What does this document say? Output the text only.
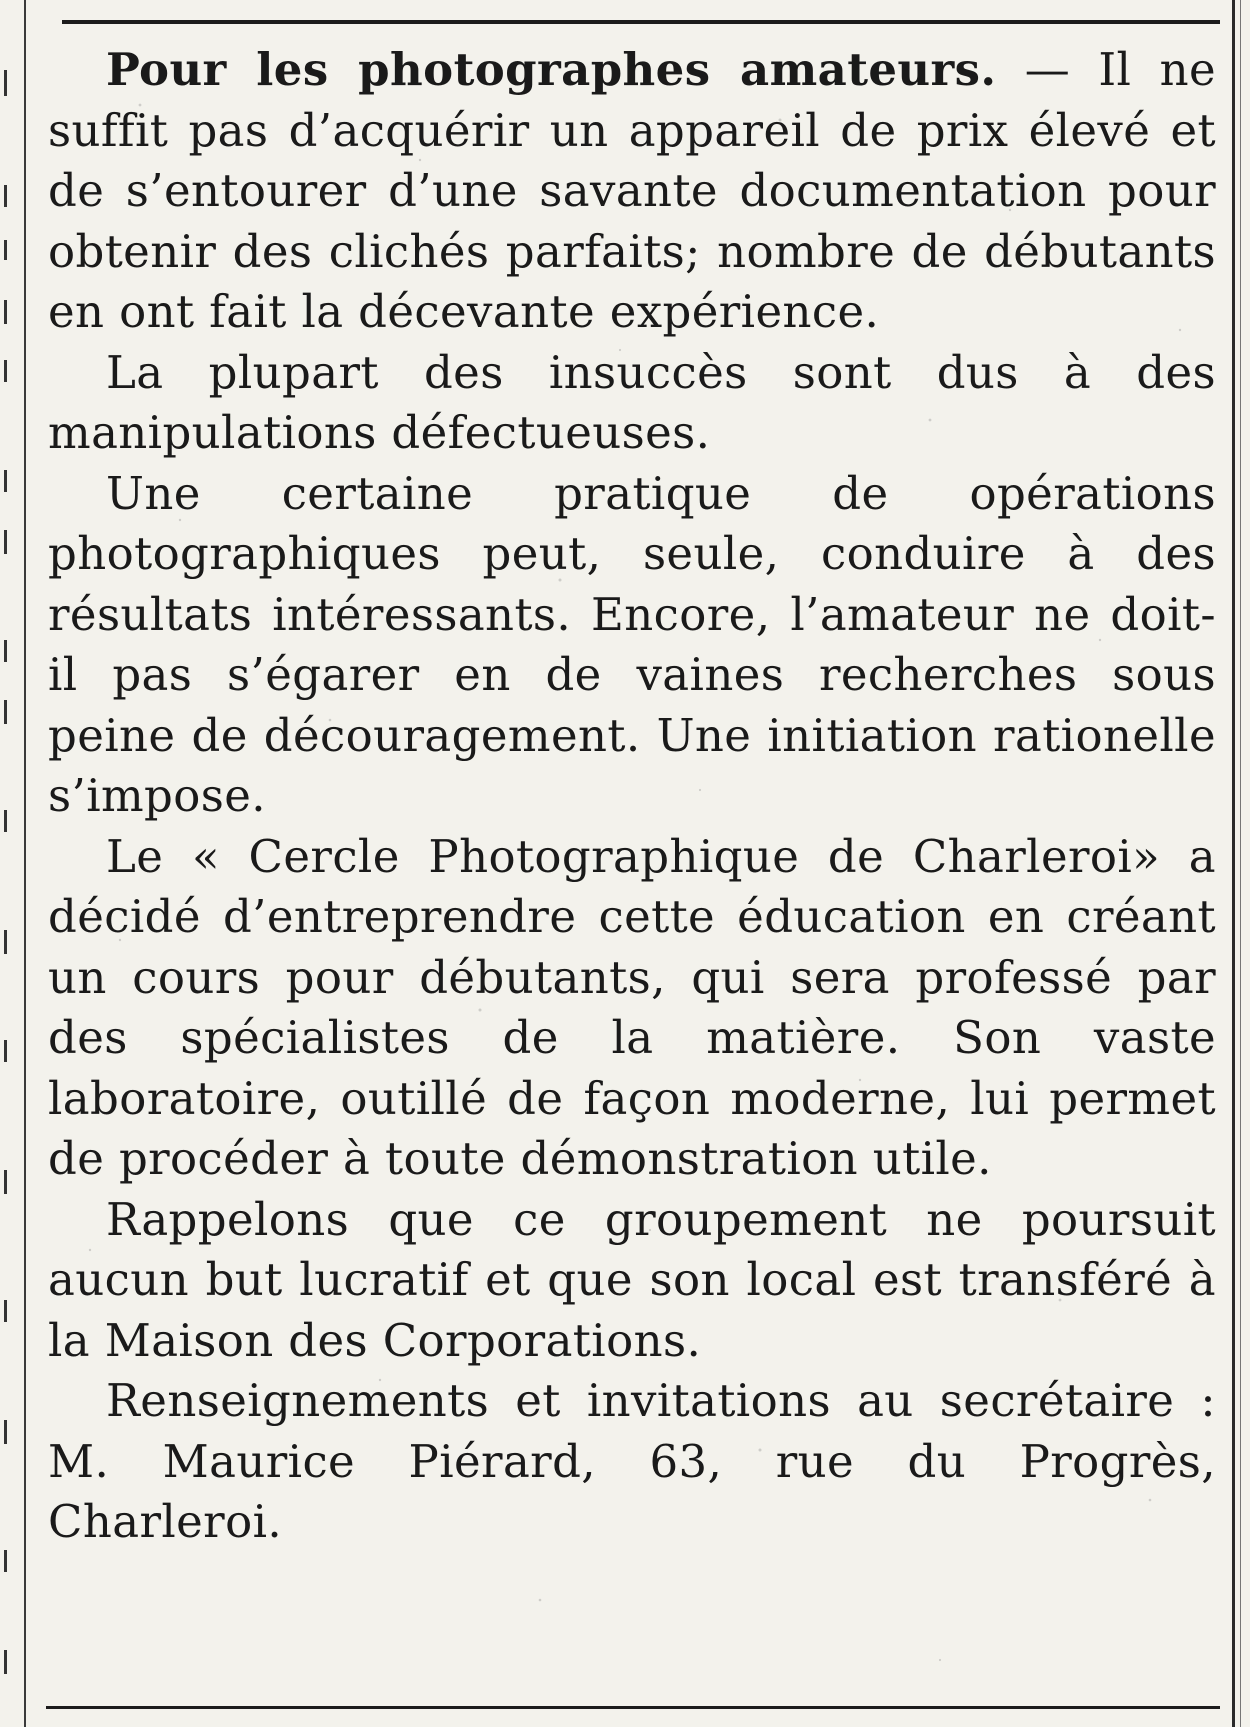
Pour les photographes amateurs. — Il ne suffit pas d’acquérir un appareil de prix élevé et de s’entourer d’une savante documentation pour obtenir des clichés parfaits; nombre de débutants en ont fait la décevante expérience.

La plupart des insuccès sont dus à des manipulations défectueuses.

Une certaine pratique de opérations photographiques peut, seule, conduire à des résultats intéressants. Encore, l’amateur ne doit-il pas s’égarer en de vaines recherches sous peine de découragement. Une initiation rationelle s’impose.

Le « Cercle Photographique de Charleroi» a décidé d’entreprendre cette éducation en créant un cours pour débutants, qui sera professé par des spécialistes de la matière. Son vaste laboratoire, outillé de façon moderne, lui permet de procéder à toute démonstration utile.

Rappelons que ce groupement ne poursuit aucun but lucratif et que son local est transféré à la Maison des Corporations.

Renseignements et invitations au secrétaire : M. Maurice Piérard, 63, rue du Progrès, Charleroi.
